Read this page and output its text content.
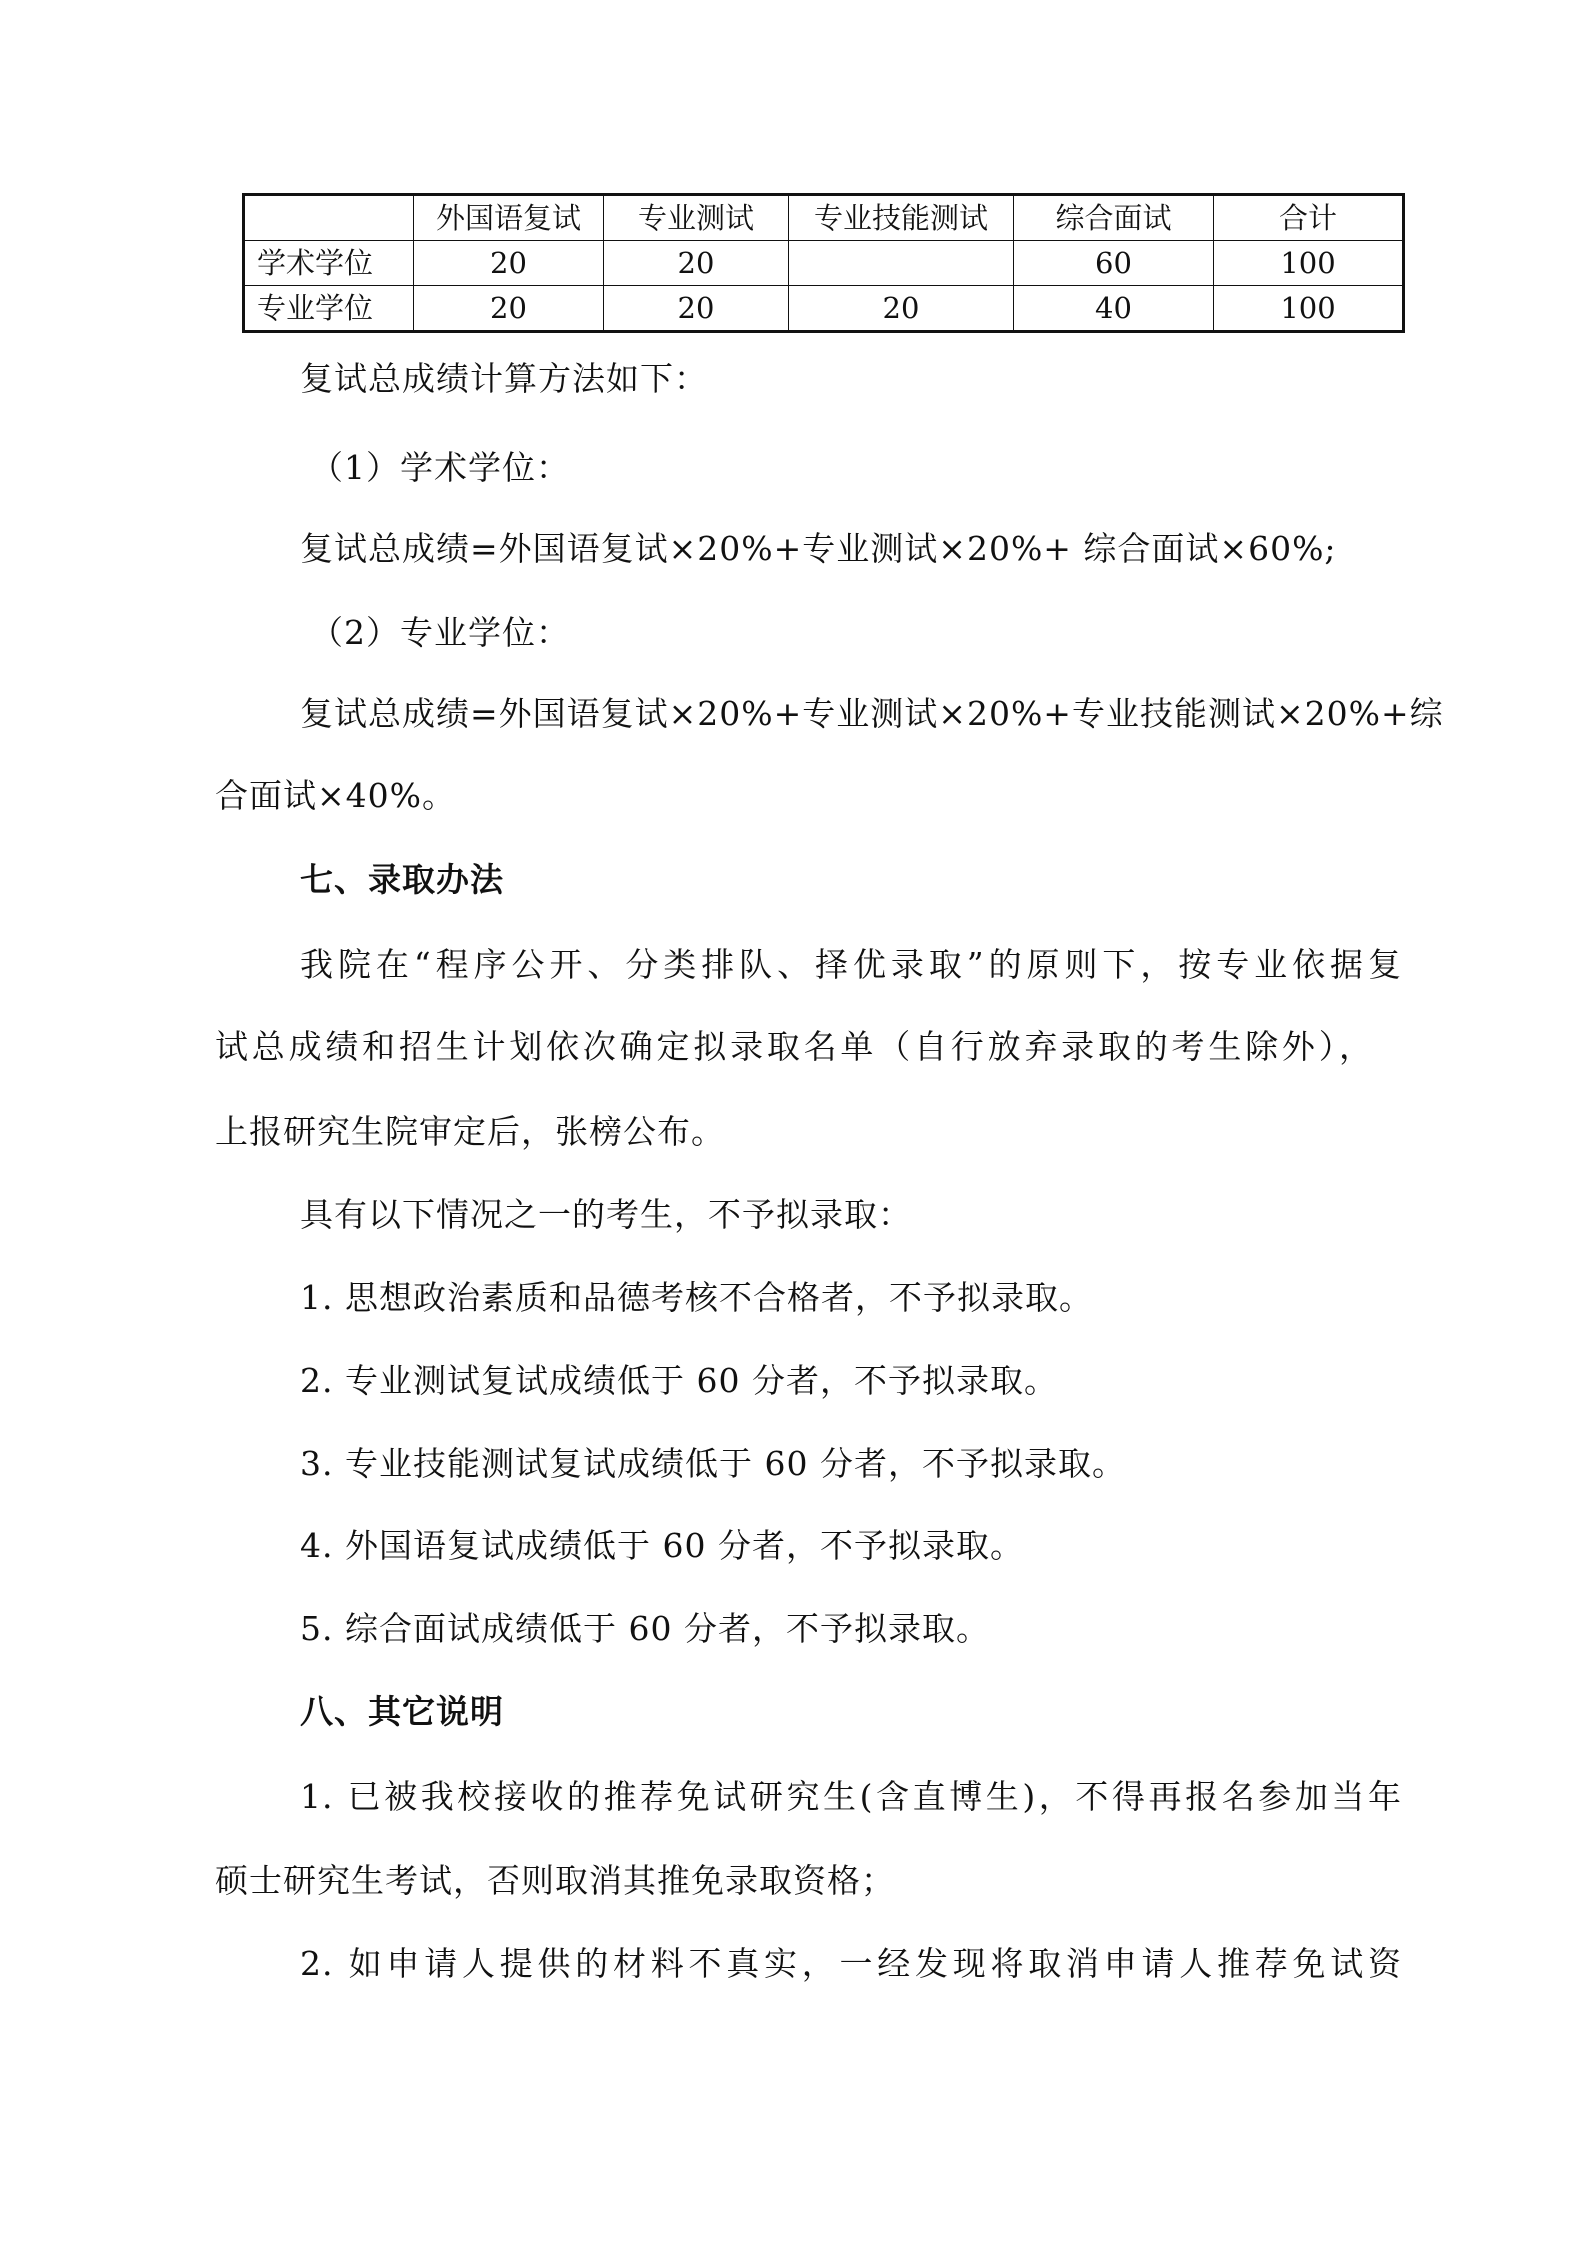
	外国语复试	专业测试	专业技能测试	综合面试	合计
学术学位	20	20		60	100
专业学位	20	20	20	40	100
复试总成绩计算方法如下：
（1）学术学位：
复试总成绩=外国语复试×20%+专业测试×20%+ 综合面试×60%;
（2）专业学位：
复试总成绩=外国语复试×20%+专业测试×20%+专业技能测试×20%+综
合面试×40%。
七、录取办法
我院在“程序公开、分类排队、择优录取”的原则下，按专业依据复
试总成绩和招生计划依次确定拟录取名单（自行放弃录取的考生除外），
上报研究生院审定后，张榜公布。
具有以下情况之一的考生，不予拟录取：
1. 思想政治素质和品德考核不合格者，不予拟录取。
2. 专业测试复试成绩低于 60 分者，不予拟录取。
3. 专业技能测试复试成绩低于 60 分者，不予拟录取。
4. 外国语复试成绩低于 60 分者，不予拟录取。
5. 综合面试成绩低于 60 分者，不予拟录取。
八、其它说明
1. 已被我校接收的推荐免试研究生(含直博生)，不得再报名参加当年
硕士研究生考试，否则取消其推免录取资格；
2. 如申请人提供的材料不真实，一经发现将取消申请人推荐免试资
